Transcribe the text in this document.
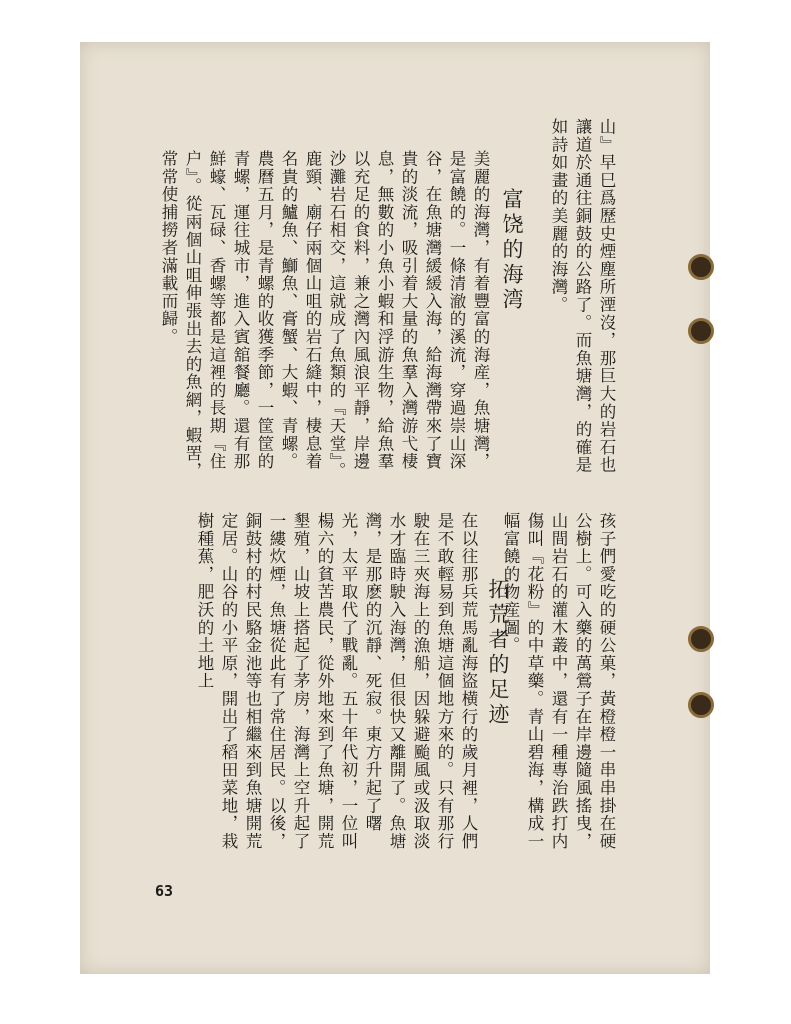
山』早巳爲歷史煙塵所湮沒，那巨大的岩石也讓道於通往銅鼓的公路了。而魚塘灣，的確是如詩如畫的美麗的海灣。
富饶的海湾
美麗的海灣，有着豐富的海産，魚塘灣，是富饒的。一條清澈的溪流，穿過崇山深谷，在魚塘灣緩緩入海，給海灣帶來了寶貴的淡流，吸引着大量的魚羣入灣游弋棲息，無數的小魚小蝦和浮游生物，給魚羣以充足的食料，兼之灣內風浪平靜，岸邊沙灘岩石相交，這就成了魚類的『天堂』。鹿頸、廟仔兩個山咀的岩石縫中，棲息着名貴的鱸魚、鰤魚、膏蟹、大蝦、青螺。農曆五月，是青螺的收獲季節，一筐筐的青螺，運往城市，進入賓舘餐廳。還有那鮮蠔、瓦碌、香螺等都是這裡的長期『住户』。從兩個山咀伸張出去的魚網，蝦罟，常常使捕撈者滿載而歸。
孩子們愛吃的硬公菓，黃橙橙一串串掛在硬公樹上。可入藥的萬鶯子在岸邊隨風搖曳，山間岩石的灌木叢中，還有一種專治跌打内傷叫『花粉』的中草藥。青山碧海，構成一幅富饒的物産圖。
拓荒者的足迹
在以往那兵荒馬亂海盜横行的歲月裡，人們是不敢輕易到魚塘這個地方來的。只有那行駛在三夾海上的漁船，因躲避颱風或汲取淡水才臨時駛入海灣，但很快又離開了。魚塘灣，是那麽的沉靜、死寂。東方升起了曙光，太平取代了戰亂。五十年代初，一位叫楊六的貧苦農民，從外地來到了魚塘，開荒墾殖，山坡上搭起了茅房，海灣上空升起了一縷炊煙，魚塘從此有了常住居民。以後，銅鼓村的村民駱金池等也相繼來到魚塘開荒定居。山谷的小平原，開出了稻田菜地，栽樹種蕉，肥沃的土地上
63
